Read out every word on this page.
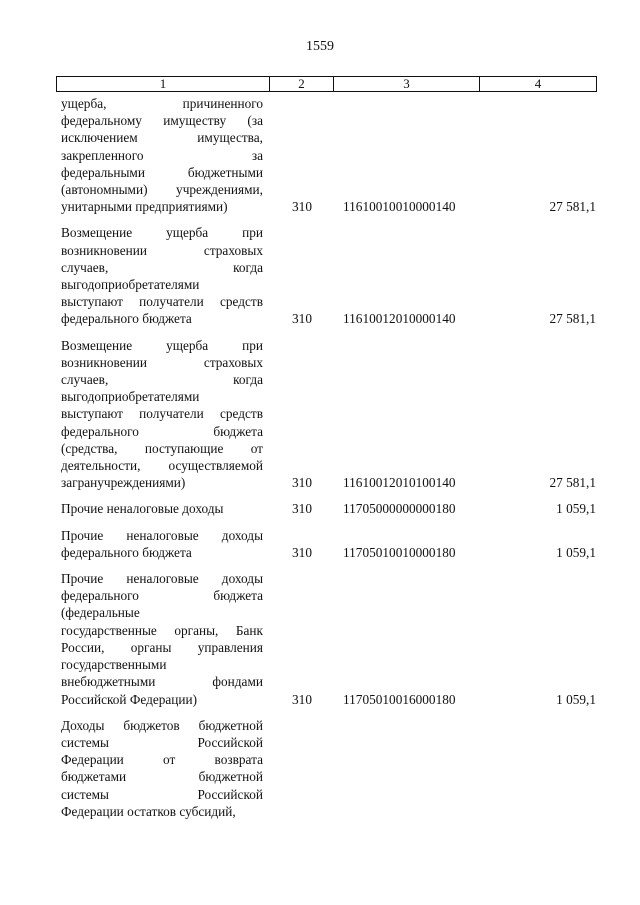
1559
1	2	3	4
ущерба, причиненного
федеральному имуществу (за
исключением имущества,
закрепленного за
федеральными бюджетными
(автономными) учреждениями,
унитарными предприятиями)	310	11610010010000140	27 581,1
Возмещение ущерба при
возникновении страховых
случаев, когда
выгодоприобретателями
выступают получатели средств
федерального бюджета	310	11610012010000140	27 581,1
Возмещение ущерба при
возникновении страховых
случаев, когда
выгодоприобретателями
выступают получатели средств
федерального бюджета
(средства, поступающие от
деятельности, осуществляемой
загранучреждениями)	310	11610012010100140	27 581,1
Прочие неналоговые доходы	310	11705000000000180	1 059,1
Прочие неналоговые доходы
федерального бюджета	310	11705010010000180	1 059,1
Прочие неналоговые доходы
федерального бюджета
(федеральные
государственные органы, Банк
России, органы управления
государственными
внебюджетными фондами
Российской Федерации)	310	11705010016000180	1 059,1
Доходы бюджетов бюджетной
системы Российской
Федерации от возврата
бюджетами бюджетной
системы Российской
Федерации остатков субсидий,
